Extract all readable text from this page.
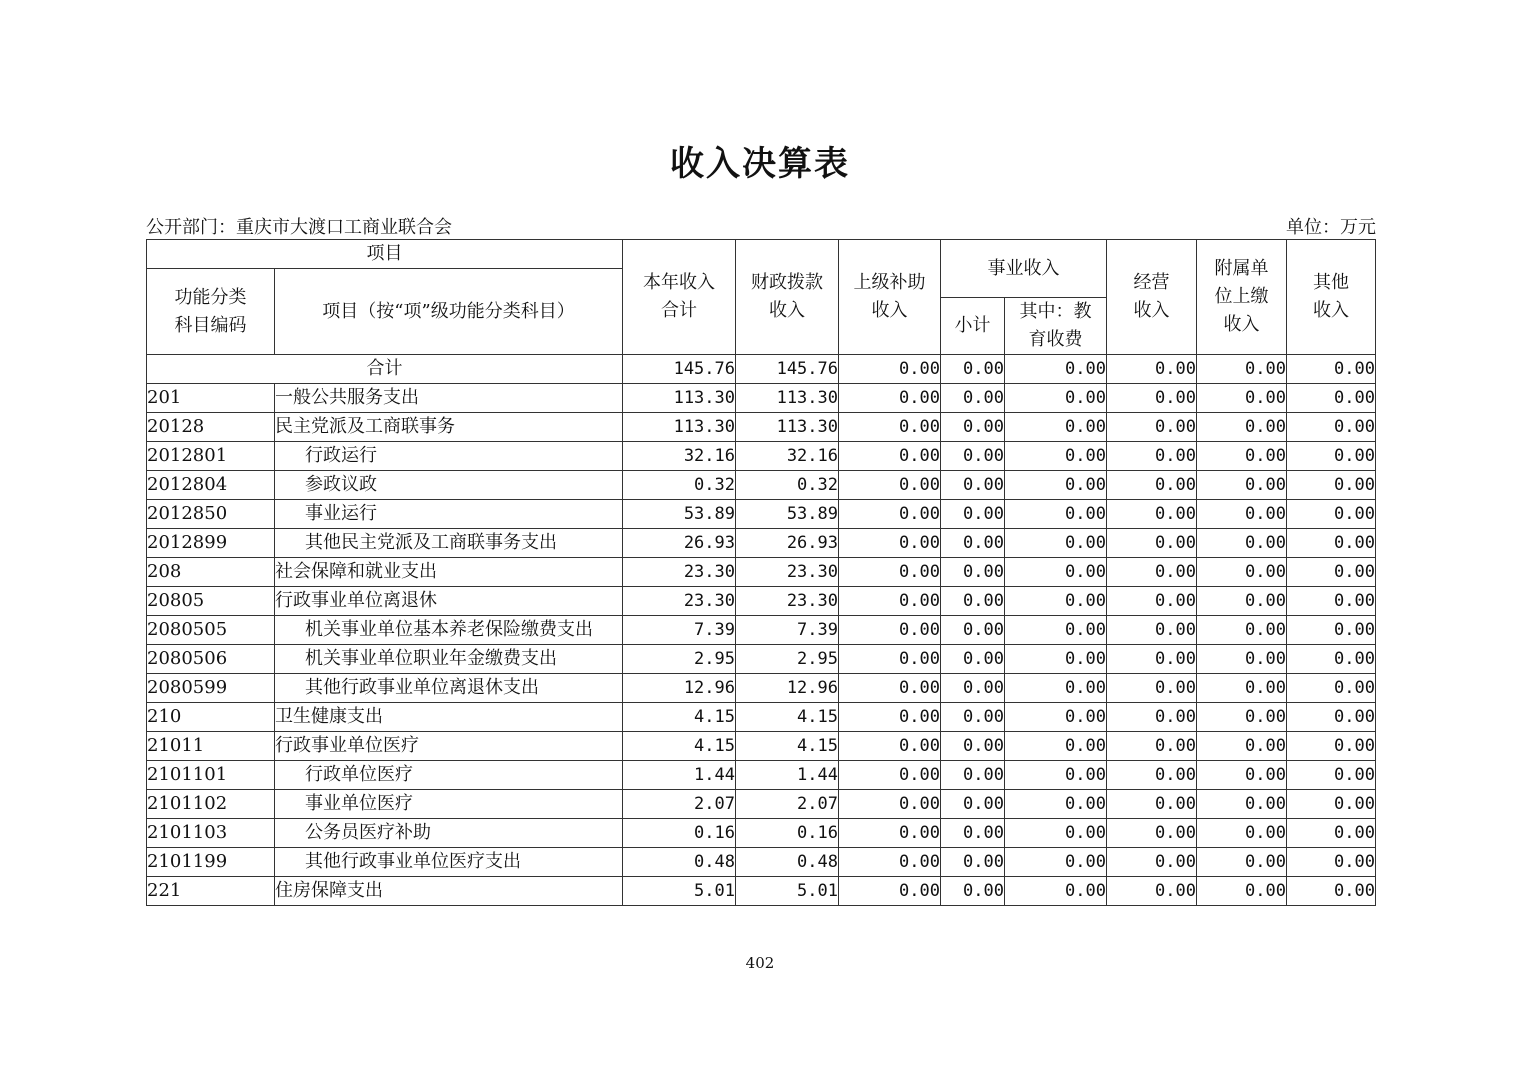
收入决算表
公开部门：重庆市大渡口工商业联合会	单位：万元
项目		本年收入合计	财政拨款收入	上级补助收入	事业收入		经营收入	附属单位上缴收入	其他收入
功能分类科目编码	项目（按“项”级功能分类科目）								
					小计	其中：教育收费			
合计		145.76	145.76	0.00	0.00	0.00	0.00	0.00	0.00
201	一般公共服务支出	113.30	113.30	0.00	0.00	0.00	0.00	0.00	0.00
20128	民主党派及工商联事务	113.30	113.30	0.00	0.00	0.00	0.00	0.00	0.00
2012801	行政运行	32.16	32.16	0.00	0.00	0.00	0.00	0.00	0.00
2012804	参政议政	0.32	0.32	0.00	0.00	0.00	0.00	0.00	0.00
2012850	事业运行	53.89	53.89	0.00	0.00	0.00	0.00	0.00	0.00
2012899	其他民主党派及工商联事务支出	26.93	26.93	0.00	0.00	0.00	0.00	0.00	0.00
208	社会保障和就业支出	23.30	23.30	0.00	0.00	0.00	0.00	0.00	0.00
20805	行政事业单位离退休	23.30	23.30	0.00	0.00	0.00	0.00	0.00	0.00
2080505	机关事业单位基本养老保险缴费支出	7.39	7.39	0.00	0.00	0.00	0.00	0.00	0.00
2080506	机关事业单位职业年金缴费支出	2.95	2.95	0.00	0.00	0.00	0.00	0.00	0.00
2080599	其他行政事业单位离退休支出	12.96	12.96	0.00	0.00	0.00	0.00	0.00	0.00
210	卫生健康支出	4.15	4.15	0.00	0.00	0.00	0.00	0.00	0.00
21011	行政事业单位医疗	4.15	4.15	0.00	0.00	0.00	0.00	0.00	0.00
2101101	行政单位医疗	1.44	1.44	0.00	0.00	0.00	0.00	0.00	0.00
2101102	事业单位医疗	2.07	2.07	0.00	0.00	0.00	0.00	0.00	0.00
2101103	公务员医疗补助	0.16	0.16	0.00	0.00	0.00	0.00	0.00	0.00
2101199	其他行政事业单位医疗支出	0.48	0.48	0.00	0.00	0.00	0.00	0.00	0.00
221	住房保障支出	5.01	5.01	0.00	0.00	0.00	0.00	0.00	0.00
402
